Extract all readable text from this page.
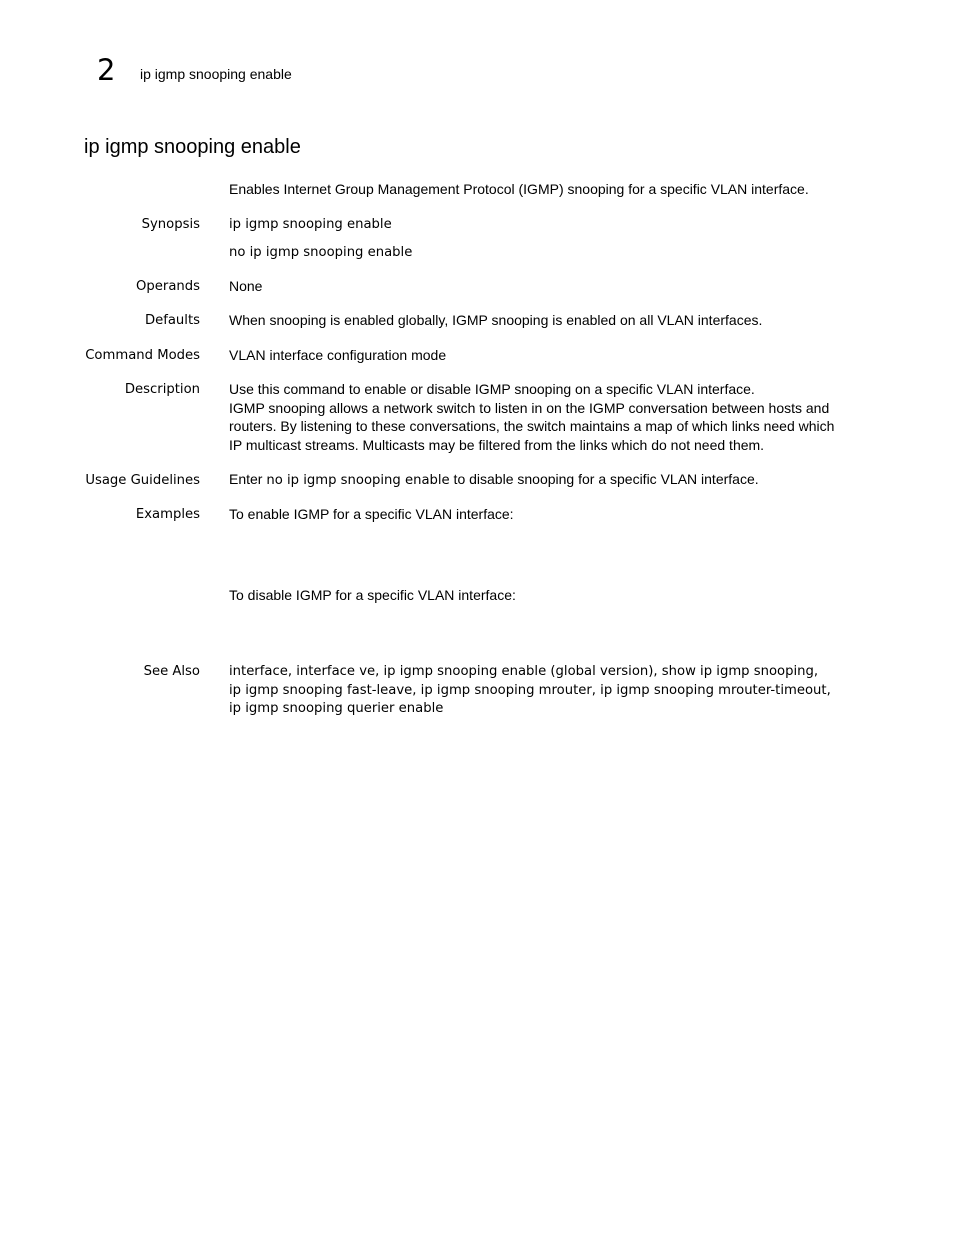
2 ip igmp snooping enable
ip igmp snooping enable
Enables Internet Group Management Protocol (IGMP) snooping for a specific VLAN interface.
Synopsis ip igmp snooping enable
no ip igmp snooping enable
Operands None
Defaults When snooping is enabled globally, IGMP snooping is enabled on all VLAN interfaces.
Command Modes VLAN interface configuration mode
Description Use this command to enable or disable IGMP snooping on a specific VLAN interface.
IGMP snooping allows a network switch to listen in on the IGMP conversation between hosts and
routers. By listening to these conversations, the switch maintains a map of which links need which
IP multicast streams. Multicasts may be filtered from the links which do not need them.
Usage Guidelines Enter no ip igmp snooping enable to disable snooping for a specific VLAN interface.
Examples To enable IGMP for a specific VLAN interface:
To disable IGMP for a specific VLAN interface:
See Also interface, interface ve, ip igmp snooping enable (global version), show ip igmp snooping,
ip igmp snooping fast-leave, ip igmp snooping mrouter, ip igmp snooping mrouter-timeout,
ip igmp snooping querier enable
